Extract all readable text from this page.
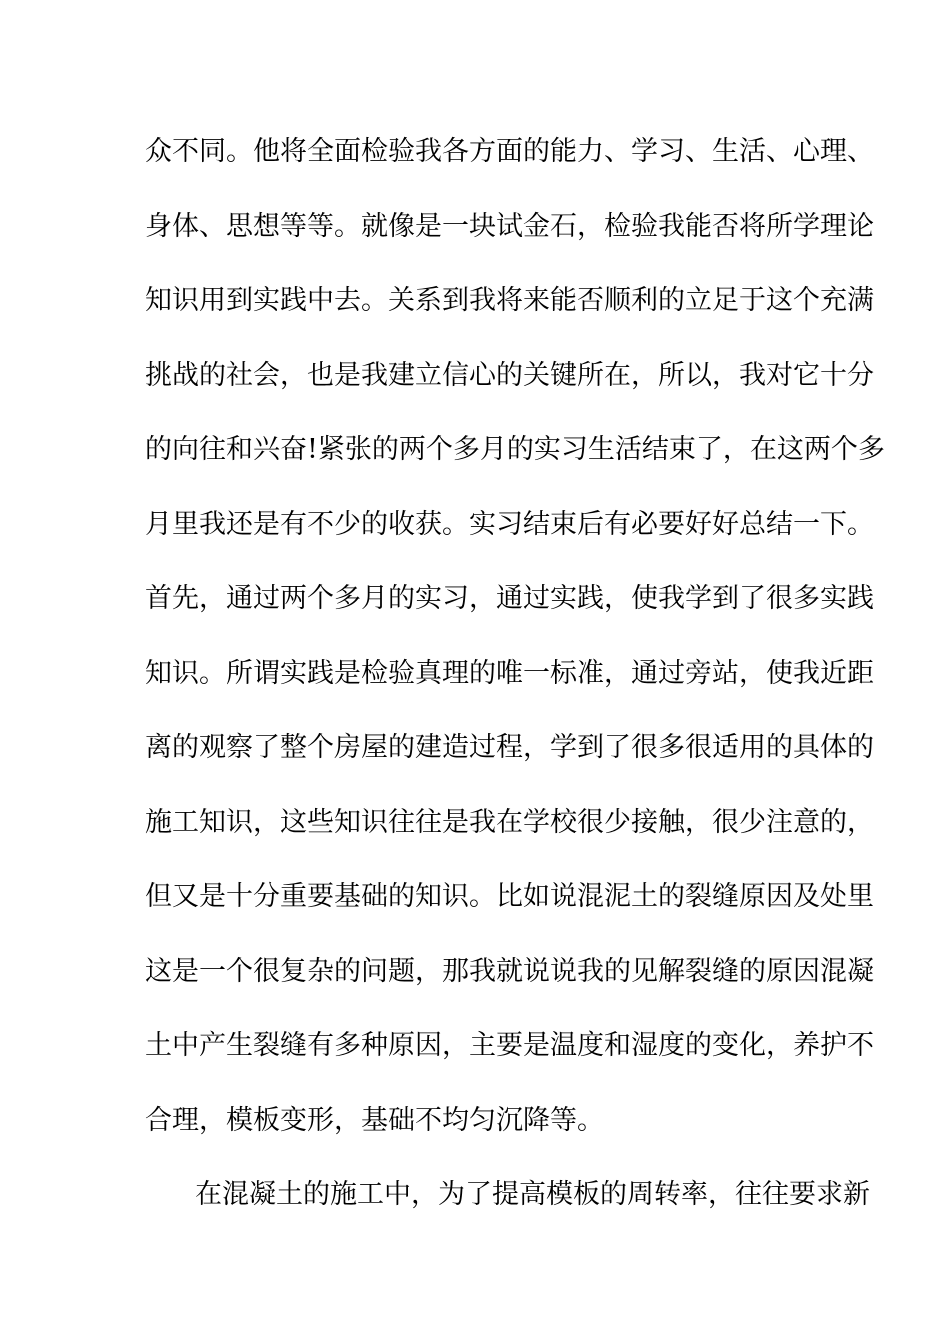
众不同。他将全面检验我各方面的能力、学习、生活、心理、
身体、思想等等。就像是一块试金石，检验我能否将所学理论
知识用到实践中去。关系到我将来能否顺利的立足于这个充满
挑战的社会，也是我建立信心的关键所在，所以，我对它十分
的向往和兴奋!紧张的两个多月的实习生活结束了，在这两个多
月里我还是有不少的收获。实习结束后有必要好好总结一下。
首先，通过两个多月的实习，通过实践，使我学到了很多实践
知识。所谓实践是检验真理的唯一标准，通过旁站，使我近距
离的观察了整个房屋的建造过程，学到了很多很适用的具体的
施工知识，这些知识往往是我在学校很少接触，很少注意的，
但又是十分重要基础的知识。比如说混泥土的裂缝原因及处里
这是一个很复杂的问题，那我就说说我的见解裂缝的原因混凝
土中产生裂缝有多种原因，主要是温度和湿度的变化，养护不
合理，模板变形，基础不均匀沉降等。
在混凝土的施工中，为了提高模板的周转率，往往要求新
